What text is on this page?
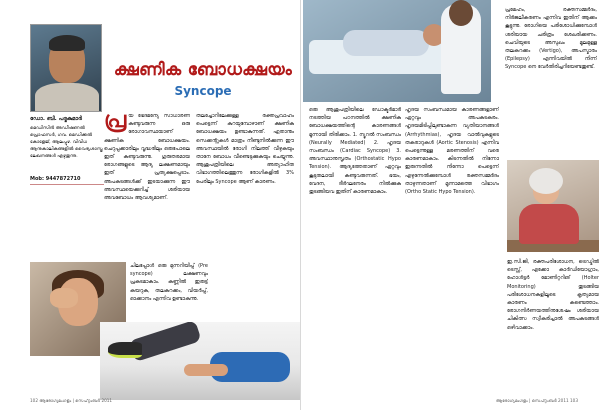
ഡോ. ബി. പദ്മകുമാർ
മെഡിസിൻ അഡീഷണൽ പ്രൊഫസർ, ഗവ. മെഡിക്കൽ കോളേജ്, ആലപ്പുഴ. വിവിധ ആനുകാലികങ്ങളിൽ വൈദ്യശാസ്ത്ര ലേഖനങ്ങൾ എഴുതുന്നു.
Mob: 9447872710
ക്ഷണിക ബോധക്ഷയം
Syncope
പ്ര യ ഭേദമന്യേ സാധാരണ കണ്ടുവരുന്ന ഒരു രോഗാവസ്ഥയാണ് ക്ഷണിക ബോധക്ഷയം. ചെറുപ്പക്കാരിലും വൃദ്ധരിലും ഒരുപോലെ ഇത് കണ്ടുവരുന്നു. ഗുരുതരമായ രോഗങ്ങളുടെ ആദ്യ ലക്ഷണമായും ഇത് പ്രത്യക്ഷപ്പെടാം. അപകടങ്ങൾക്ക് ഇടയാക്കുന്ന ഈ അവസ്ഥയെക്കുറിച്ച് ശരിയായ അവബോധം ആവശ്യമാണ്.
തലച്ചോറിലേക്കുള്ള രക്തപ്രവാഹം പെട്ടെന്ന് കുറയുമ്പോഴാണ് ക്ഷണിക ബോധക്ഷയം ഉണ്ടാകുന്നത്. ഏതാനും സെക്കന്റുകൾ മാത്രം നീണ്ടുനിൽക്കുന്ന ഈ അവസ്ഥയിൽ രോഗി നിലത്ത് വീഴുകയും താനേ ബോധം വീണ്ടെടുക്കുകയും ചെയ്യുന്നു. ആശുപത്രിയിലെ അത്യാഹിത വിഭാഗത്തിലെത്തുന്ന രോഗികളിൽ 3% പേരിലും Syncope ആണ് കാരണം.
ചിലപ്പോൾ ഒരു മുന്നറിയിപ്പ് (Pre syncope) ലക്ഷണവും പ്രകടമാകാം. കണ്ണിൽ ഇരുട്ട് കയറുക, തലകറക്കം, വിയർപ്പ്, ഓക്കാനം എന്നിവ ഉണ്ടാകുന്നു.
102 ആരോഗ്യമംഗളം | സെപ്റ്റംബർ 2011
ഒരു ആശുപത്രിയിലെ ഡോക്ടർമാർ നടത്തിയ പഠനത്തിൽ ക്ഷണിക ബോധക്ഷയത്തിന്റെ കാരണങ്ങൾ മൂന്നായി തിരിക്കാം. 1. ന്യൂറൽ സംബന്ധം (Neurally Mediated) 2. ഹൃദയ സംബന്ധം (Cardiac Syncope) 3. അവസ്ഥാനുസൃതം (Orthostatic Hypo Tension). ആദ്യത്തേതാണ് ഏറ്റവും കൂടുതലായി കണ്ടുവരുന്നത്. ഭയം, വേദന, ദീർഘനേരം നിൽക്കുക തുടങ്ങിയവ ഇതിന് കാരണമാകാം.
ഹൃദയ സംബന്ധമായ കാരണങ്ങളാണ് ഏറ്റവും അപകടകരം. ഹൃദയമിടിപ്പിലുണ്ടാകുന്ന വ്യതിയാനങ്ങൾ (Arrhythmias), ഹൃദയ വാൽവുകളുടെ തകരാറുകൾ (Aortic Stenosis) എന്നിവ പെട്ടെന്നുള്ള മരണത്തിന് വരെ കാരണമാകാം. കിടന്നതിൽ നിന്നോ ഇരുന്നതിൽ നിന്നോ പെട്ടെന്ന് എഴുന്നേൽക്കുമ്പോൾ രക്തസമ്മർദം താഴുന്നതാണ് മൂന്നാമത്തെ വിഭാഗം (Ortho Static Hypo Tension).
പ്രമേഹം, രക്തസമ്മർദം, നിർജലീകരണം എന്നിവ ഇതിന് ആക്കം കൂട്ടുന്നു. രോഗിയെ പരിശോധിക്കുമ്പോൾ ശരിയായ ചരിത്രം ശേഖരിക്കണം. ചെവിയുടെ അസുഖം മൂലമുള്ള തലകറക്കം (Vertigo), അപസ്മാരം (Epilepsy) എന്നിവയിൽ നിന്ന് Syncope നെ വേർതിരിച്ചറിയേണ്ടതുണ്ട്.
ഇ.സി.ജി, രക്തപരിശോധന, ട്രെഡ്മിൽ ടെസ്റ്റ്, എക്കോ കാർഡിയോഗ്രാം, ഹോൾട്ടർ മോണിറ്ററിങ് (Holter Monitoring) തുടങ്ങിയ പരിശോധനകളിലൂടെ കൃത്യമായ കാരണം കണ്ടെത്താം. രോഗനിർണയത്തിനുശേഷം ശരിയായ ചികിത്സ സ്വീകരിച്ചാൽ അപകടങ്ങൾ ഒഴിവാക്കാം.
ആരോഗ്യമംഗളം | സെപ്റ്റംബർ 2011 103
